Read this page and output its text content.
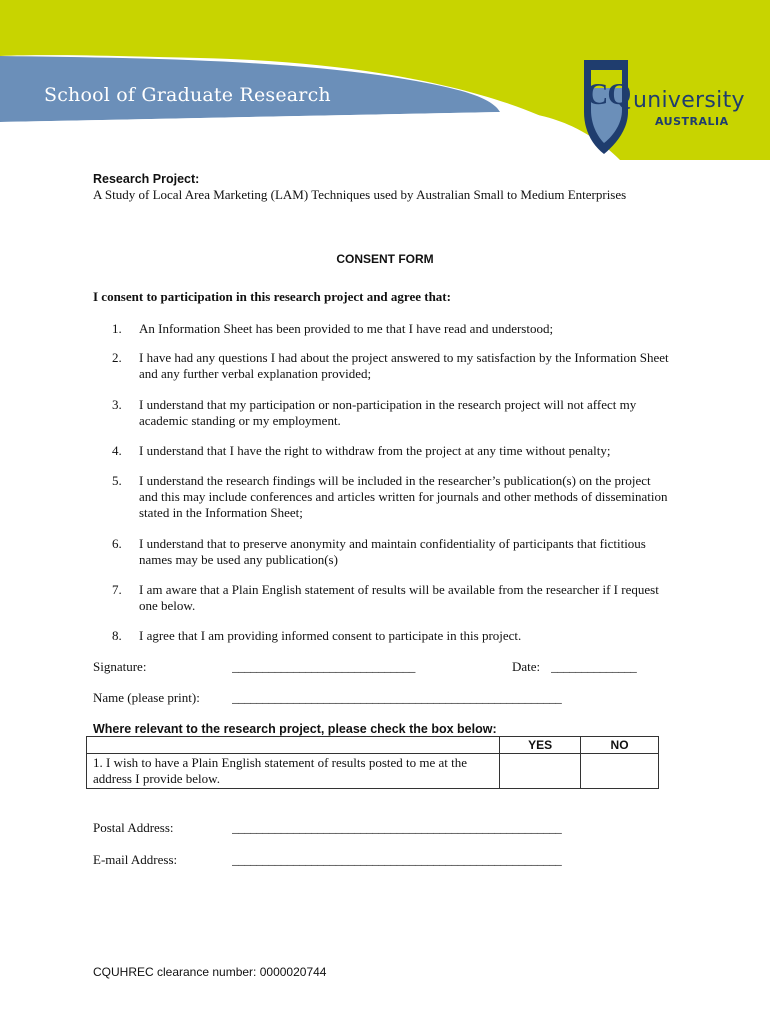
School of Graduate Research	CQ university
AUSTRALIA
Research Project:
A Study of Local Area Marketing (LAM) Techniques used by Australian Small to Medium Enterprises
CONSENT FORM
I consent to participation in this research project and agree that:
1.	An Information Sheet has been provided to me that I have read and understood;
2.	I have had any questions I had about the project answered to my satisfaction by the Information Sheet and any further verbal explanation provided;
3.	I understand that my participation or non-participation in the research project will not affect my academic standing or my employment.
4.	I understand that I have the right to withdraw from the project at any time without penalty;
5.	I understand the research findings will be included in the researcher’s publication(s) on the project and this may include conferences and articles written for journals and other methods of dissemination stated in the Information Sheet;
6.	I understand that to preserve anonymity and maintain confidentiality of participants that fictitious names may be used any publication(s)
7.	I am aware that a Plain English statement of results will be available from the researcher if I request one below.
8.	I agree that I am providing informed consent to participate in this project.
Signature:	______________________________	Date: ______________
Name (please print): ______________________________________________________
Where relevant to the research project, please check the box below:
	YES	NO
1. I wish to have a Plain English statement of results posted to me at the address I provide below.		
Postal Address:	______________________________________________________
E-mail Address:	______________________________________________________
CQUHREC clearance number: 0000020744
